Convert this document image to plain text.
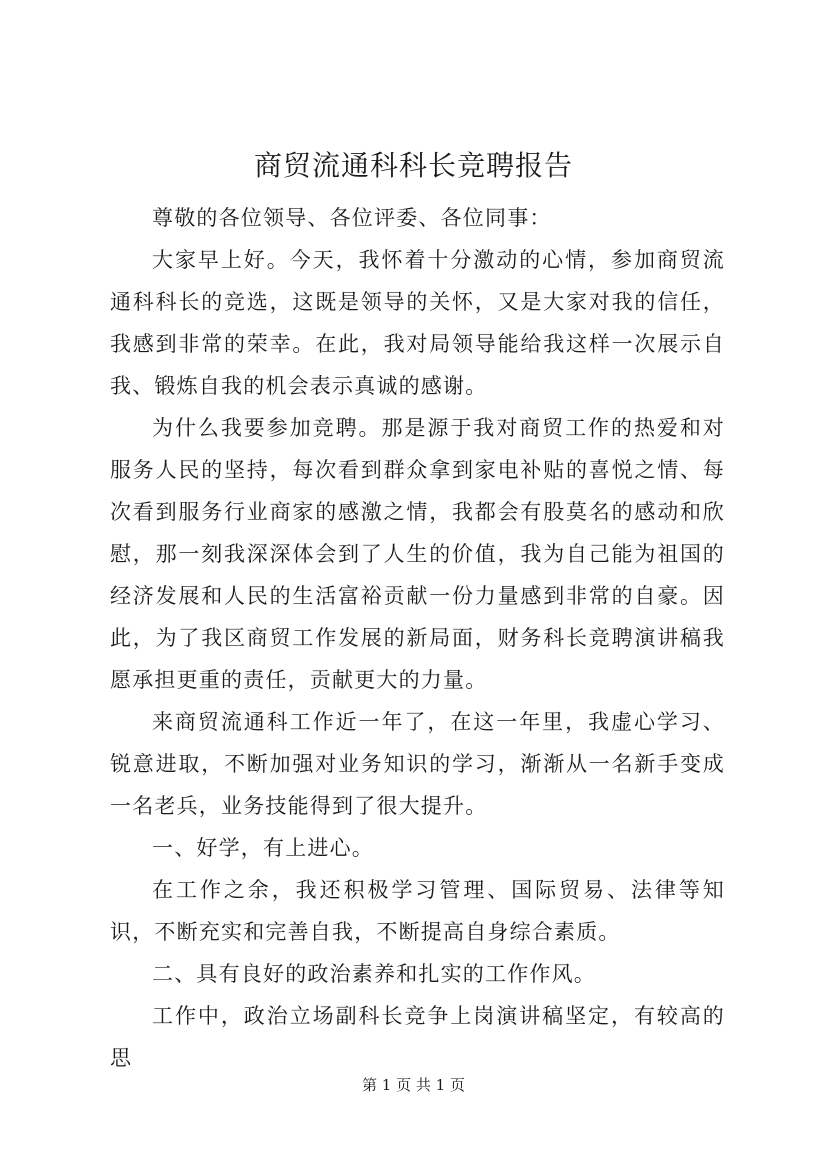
商贸流通科科长竞聘报告

尊敬的各位领导、各位评委、各位同事：

大家早上好。今天，我怀着十分激动的心情，参加商贸流通科科长的竞选，这既是领导的关怀，又是大家对我的信任，我感到非常的荣幸。在此，我对局领导能给我这样一次展示自我、锻炼自我的机会表示真诚的感谢。

为什么我要参加竞聘。那是源于我对商贸工作的热爱和对服务人民的坚持，每次看到群众拿到家电补贴的喜悦之情、每次看到服务行业商家的感激之情，我都会有股莫名的感动和欣慰，那一刻我深深体会到了人生的价值，我为自己能为祖国的经济发展和人民的生活富裕贡献一份力量感到非常的自豪。因此，为了我区商贸工作发展的新局面，财务科长竞聘演讲稿我愿承担更重的责任，贡献更大的力量。

来商贸流通科工作近一年了，在这一年里，我虚心学习、锐意进取，不断加强对业务知识的学习，渐渐从一名新手变成一名老兵，业务技能得到了很大提升。

一、好学，有上进心。

在工作之余，我还积极学习管理、国际贸易、法律等知识，不断充实和完善自我，不断提高自身综合素质。

二、具有良好的政治素养和扎实的工作作风。

工作中，政治立场副科长竞争上岗演讲稿坚定，有较高的思

第 1 页 共 1 页
